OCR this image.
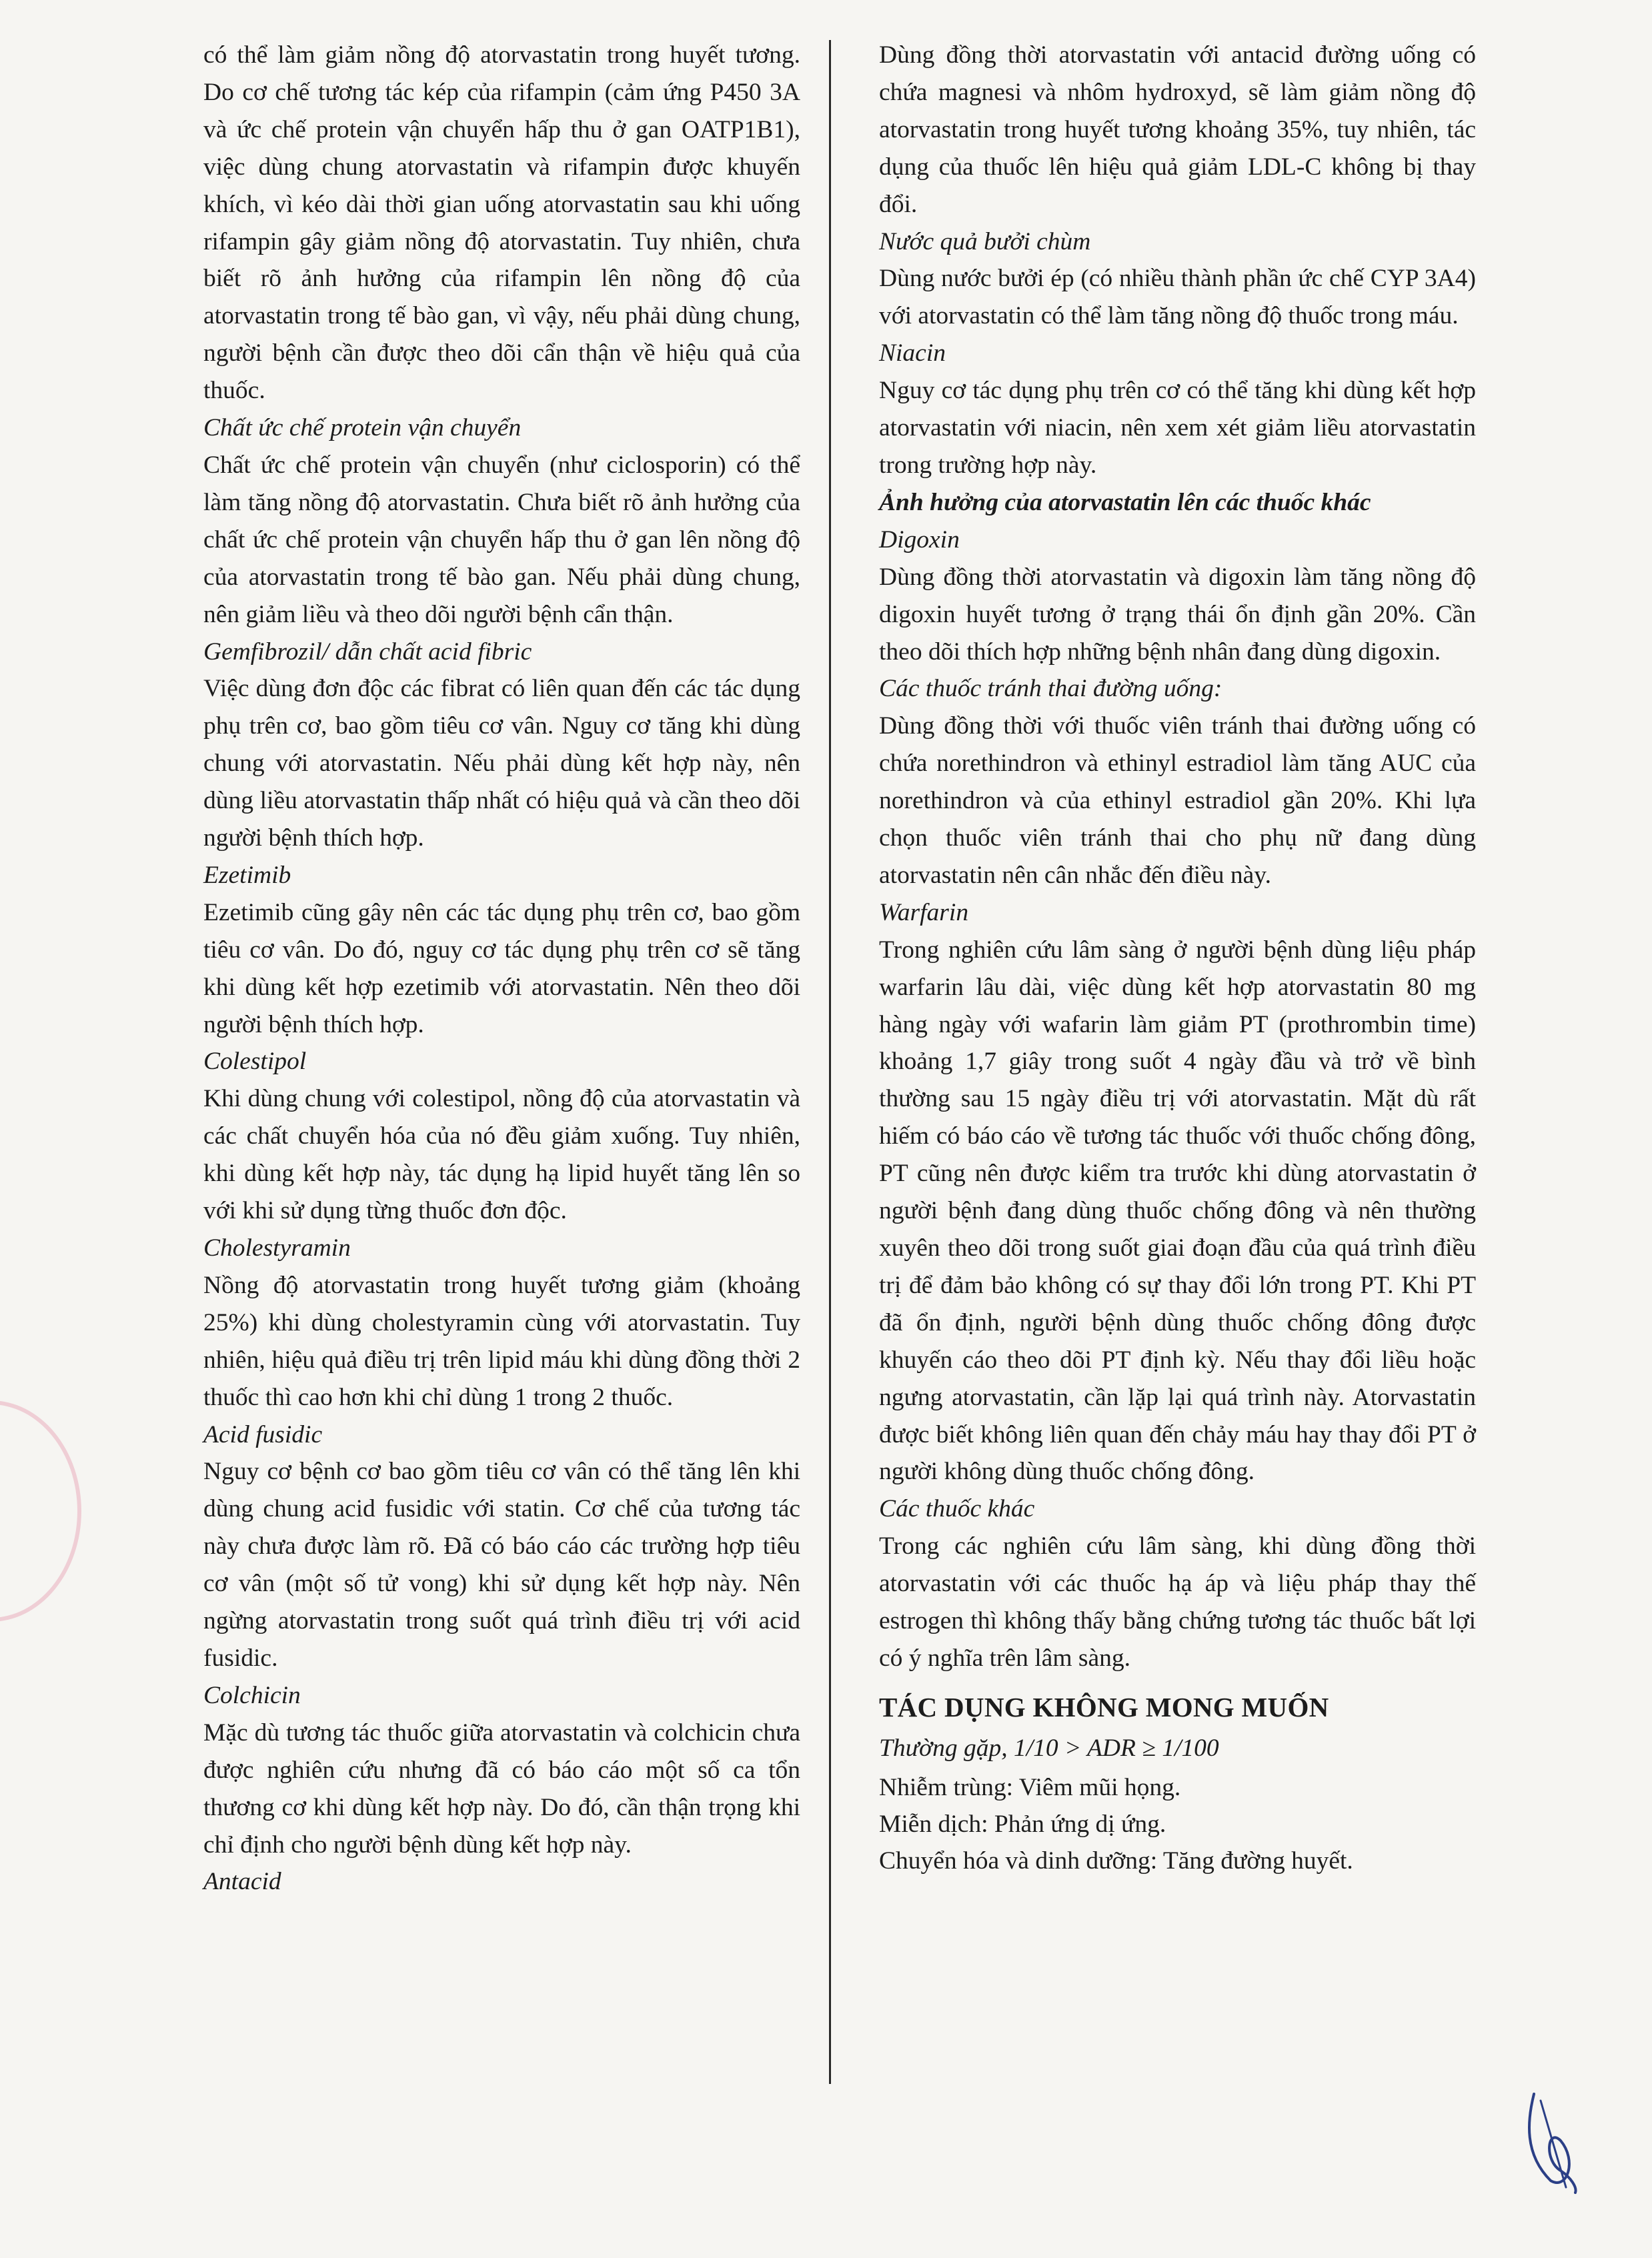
có thể làm giảm nồng độ atorvastatin trong huyết tương. Do cơ chế tương tác kép của rifampin (cảm ứng P450 3A và ức chế protein vận chuyển hấp thu ở gan OATP1B1), việc dùng chung atorvastatin và rifampin được khuyến khích, vì kéo dài thời gian uống atorvastatin sau khi uống rifampin gây giảm nồng độ atorvastatin. Tuy nhiên, chưa biết rõ ảnh hưởng của rifampin lên nồng độ của atorvastatin trong tế bào gan, vì vậy, nếu phải dùng chung, người bệnh cần được theo dõi cẩn thận về hiệu quả của thuốc.

Chất ức chế protein vận chuyển

Chất ức chế protein vận chuyển (như ciclosporin) có thể làm tăng nồng độ atorvastatin. Chưa biết rõ ảnh hưởng của chất ức chế protein vận chuyển hấp thu ở gan lên nồng độ của atorvastatin trong tế bào gan. Nếu phải dùng chung, nên giảm liều và theo dõi người bệnh cẩn thận.

Gemfibrozil/ dẫn chất acid fibric

Việc dùng đơn độc các fibrat có liên quan đến các tác dụng phụ trên cơ, bao gồm tiêu cơ vân. Nguy cơ tăng khi dùng chung với atorvastatin. Nếu phải dùng kết hợp này, nên dùng liều atorvastatin thấp nhất có hiệu quả và cần theo dõi người bệnh thích hợp.

Ezetimib

Ezetimib cũng gây nên các tác dụng phụ trên cơ, bao gồm tiêu cơ vân. Do đó, nguy cơ tác dụng phụ trên cơ sẽ tăng khi dùng kết hợp ezetimib với atorvastatin. Nên theo dõi người bệnh thích hợp.

Colestipol

Khi dùng chung với colestipol, nồng độ của atorvastatin và các chất chuyển hóa của nó đều giảm xuống. Tuy nhiên, khi dùng kết hợp này, tác dụng hạ lipid huyết tăng lên so với khi sử dụng từng thuốc đơn độc.

Cholestyramin

Nồng độ atorvastatin trong huyết tương giảm (khoảng 25%) khi dùng cholestyramin cùng với atorvastatin. Tuy nhiên, hiệu quả điều trị trên lipid máu khi dùng đồng thời 2 thuốc thì cao hơn khi chỉ dùng 1 trong 2 thuốc.

Acid fusidic

Nguy cơ bệnh cơ bao gồm tiêu cơ vân có thể tăng lên khi dùng chung acid fusidic với statin. Cơ chế của tương tác này chưa được làm rõ. Đã có báo cáo các trường hợp tiêu cơ vân (một số tử vong) khi sử dụng kết hợp này. Nên ngừng atorvastatin trong suốt quá trình điều trị với acid fusidic.

Colchicin

Mặc dù tương tác thuốc giữa atorvastatin và colchicin chưa được nghiên cứu nhưng đã có báo cáo một số ca tổn thương cơ khi dùng kết hợp này. Do đó, cần thận trọng khi chỉ định cho người bệnh dùng kết hợp này.

Antacid

Dùng đồng thời atorvastatin với antacid đường uống có chứa magnesi và nhôm hydroxyd, sẽ làm giảm nồng độ atorvastatin trong huyết tương khoảng 35%, tuy nhiên, tác dụng của thuốc lên hiệu quả giảm LDL-C không bị thay đổi.

Nước quả bưởi chùm

Dùng nước bưởi ép (có nhiều thành phần ức chế CYP 3A4) với atorvastatin có thể làm tăng nồng độ thuốc trong máu.

Niacin

Nguy cơ tác dụng phụ trên cơ có thể tăng khi dùng kết hợp atorvastatin với niacin, nên xem xét giảm liều atorvastatin trong trường hợp này.

Ảnh hưởng của atorvastatin lên các thuốc khác

Digoxin

Dùng đồng thời atorvastatin và digoxin làm tăng nồng độ digoxin huyết tương ở trạng thái ổn định gần 20%. Cần theo dõi thích hợp những bệnh nhân đang dùng digoxin.

Các thuốc tránh thai đường uống:

Dùng đồng thời với thuốc viên tránh thai đường uống có chứa norethindron và ethinyl estradiol làm tăng AUC của norethindron và của ethinyl estradiol gần 20%. Khi lựa chọn thuốc viên tránh thai cho phụ nữ đang dùng atorvastatin nên cân nhắc đến điều này.

Warfarin

Trong nghiên cứu lâm sàng ở người bệnh dùng liệu pháp warfarin lâu dài, việc dùng kết hợp atorvastatin 80 mg hàng ngày với wafarin làm giảm PT (prothrombin time) khoảng 1,7 giây trong suốt 4 ngày đầu và trở về bình thường sau 15 ngày điều trị với atorvastatin. Mặt dù rất hiếm có báo cáo về tương tác thuốc với thuốc chống đông, PT cũng nên được kiểm tra trước khi dùng atorvastatin ở người bệnh đang dùng thuốc chống đông và nên thường xuyên theo dõi trong suốt giai đoạn đầu của quá trình điều trị để đảm bảo không có sự thay đổi lớn trong PT. Khi PT đã ổn định, người bệnh dùng thuốc chống đông được khuyến cáo theo dõi PT định kỳ. Nếu thay đổi liều hoặc ngưng atorvastatin, cần lặp lại quá trình này. Atorvastatin được biết không liên quan đến chảy máu hay thay đổi PT ở người không dùng thuốc chống đông.

Các thuốc khác

Trong các nghiên cứu lâm sàng, khi dùng đồng thời atorvastatin với các thuốc hạ áp và liệu pháp thay thế estrogen thì không thấy bằng chứng tương tác thuốc bất lợi có ý nghĩa trên lâm sàng.

TÁC DỤNG KHÔNG MONG MUỐN

Thường gặp, 1/10 > ADR ≥ 1/100

Nhiễm trùng: Viêm mũi họng.

Miễn dịch: Phản ứng dị ứng.

Chuyển hóa và dinh dưỡng: Tăng đường huyết.
